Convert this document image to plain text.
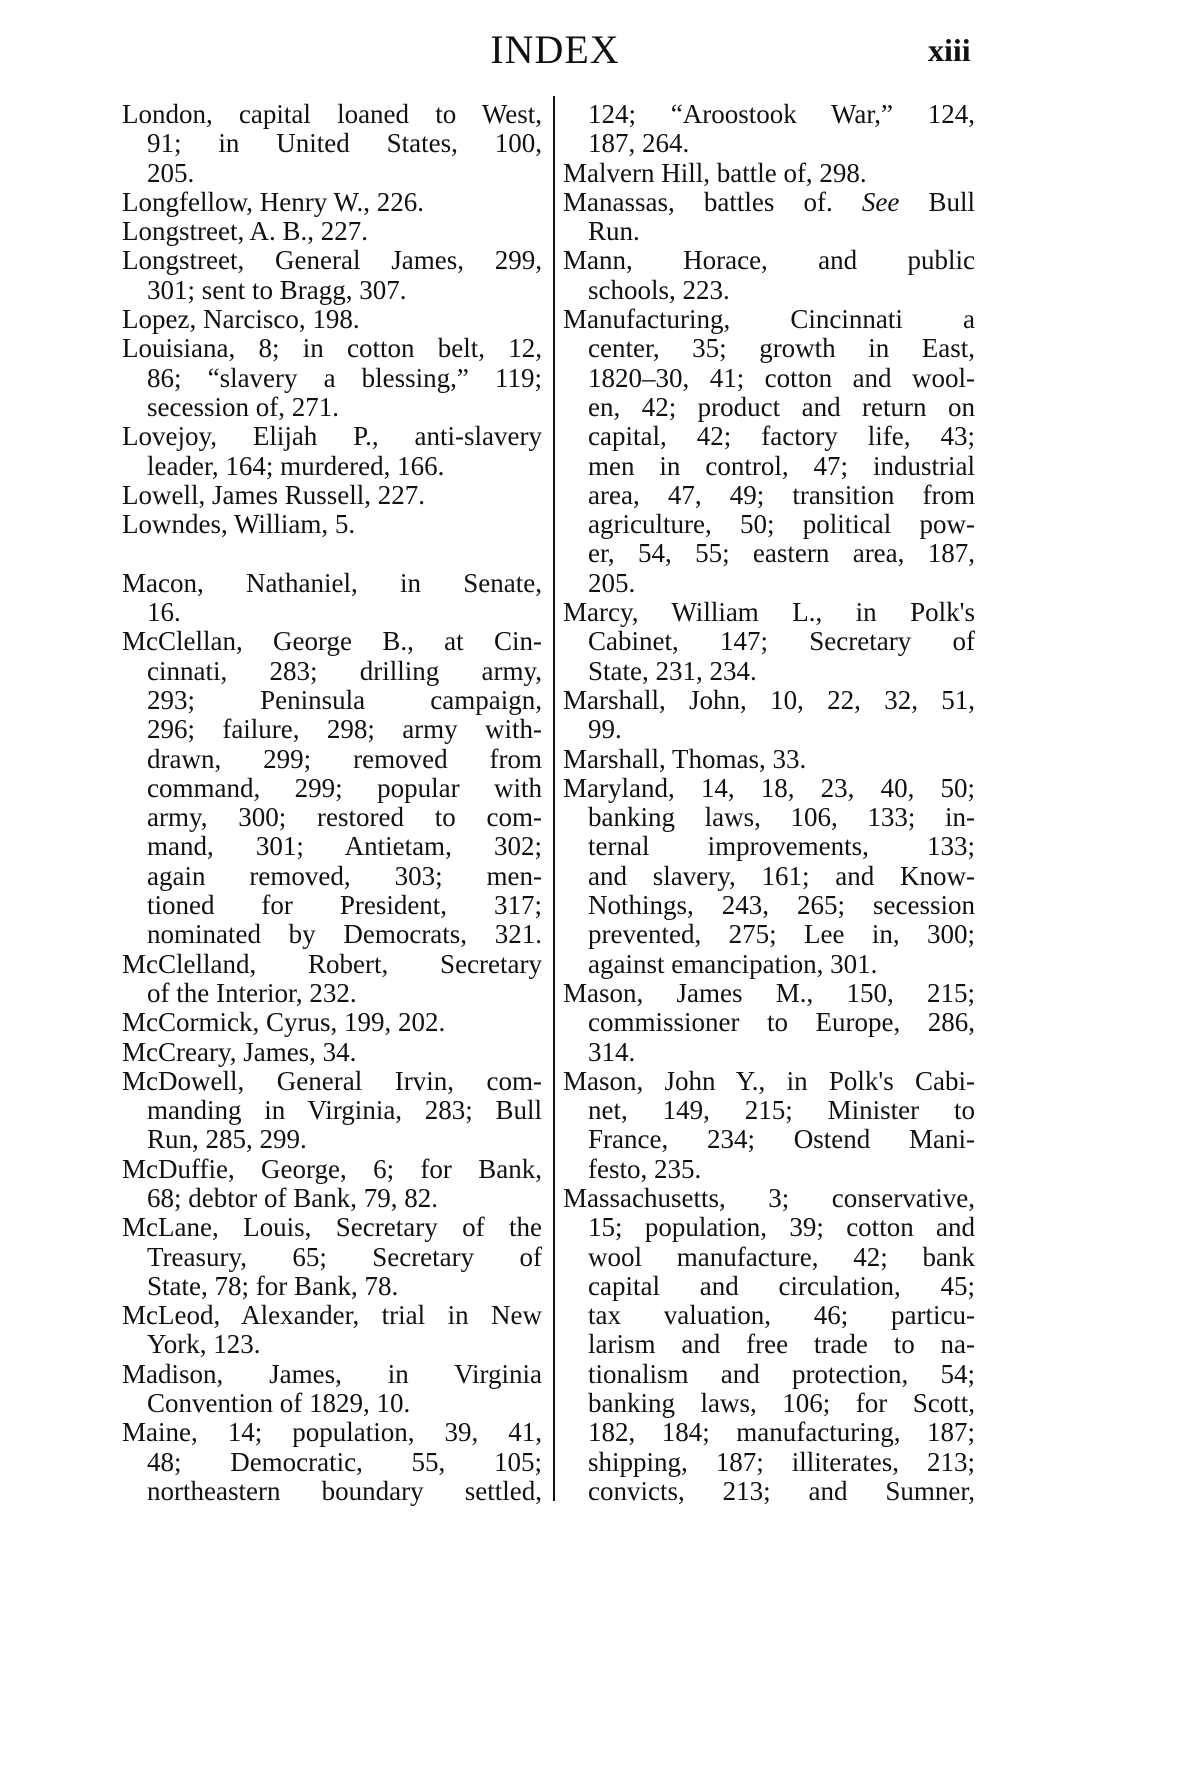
INDEX	xiii
London, capital loaned to West,
91; in United States, 100,
205.
Longfellow, Henry W., 226.
Longstreet, A. B., 227.
Longstreet, General James, 299,
301; sent to Bragg, 307.
Lopez, Narcisco, 198.
Louisiana, 8; in cotton belt, 12,
86; “slavery a blessing,” 119;
secession of, 271.
Lovejoy, Elijah P., anti-slavery
leader, 164; murdered, 166.
Lowell, James Russell, 227.
Lowndes, William, 5.
Macon, Nathaniel, in Senate,
16.
McClellan, George B., at Cin-
cinnati, 283; drilling army,
293; Peninsula campaign,
296; failure, 298; army with-
drawn, 299; removed from
command, 299; popular with
army, 300; restored to com-
mand, 301; Antietam, 302;
again removed, 303; men-
tioned for President, 317;
nominated by Democrats, 321.
McClelland, Robert, Secretary
of the Interior, 232.
McCormick, Cyrus, 199, 202.
McCreary, James, 34.
McDowell, General Irvin, com-
manding in Virginia, 283; Bull
Run, 285, 299.
McDuffie, George, 6; for Bank,
68; debtor of Bank, 79, 82.
McLane, Louis, Secretary of the
Treasury, 65; Secretary of
State, 78; for Bank, 78.
McLeod, Alexander, trial in New
York, 123.
Madison, James, in Virginia
Convention of 1829, 10.
Maine, 14; population, 39, 41,
48; Democratic, 55, 105;
northeastern boundary settled,
124; “Aroostook War,” 124,
187, 264.
Malvern Hill, battle of, 298.
Manassas, battles of. See Bull
Run.
Mann, Horace, and public
schools, 223.
Manufacturing, Cincinnati a
center, 35; growth in East,
1820–30, 41; cotton and wool-
en, 42; product and return on
capital, 42; factory life, 43;
men in control, 47; industrial
area, 47, 49; transition from
agriculture, 50; political pow-
er, 54, 55; eastern area, 187,
205.
Marcy, William L., in Polk's
Cabinet, 147; Secretary of
State, 231, 234.
Marshall, John, 10, 22, 32, 51,
99.
Marshall, Thomas, 33.
Maryland, 14, 18, 23, 40, 50;
banking laws, 106, 133; in-
ternal improvements, 133;
and slavery, 161; and Know-
Nothings, 243, 265; secession
prevented, 275; Lee in, 300;
against emancipation, 301.
Mason, James M., 150, 215;
commissioner to Europe, 286,
314.
Mason, John Y., in Polk's Cabi-
net, 149, 215; Minister to
France, 234; Ostend Mani-
festo, 235.
Massachusetts, 3; conservative,
15; population, 39; cotton and
wool manufacture, 42; bank
capital and circulation, 45;
tax valuation, 46; particu-
larism and free trade to na-
tionalism and protection, 54;
banking laws, 106; for Scott,
182, 184; manufacturing, 187;
shipping, 187; illiterates, 213;
convicts, 213; and Sumner,
